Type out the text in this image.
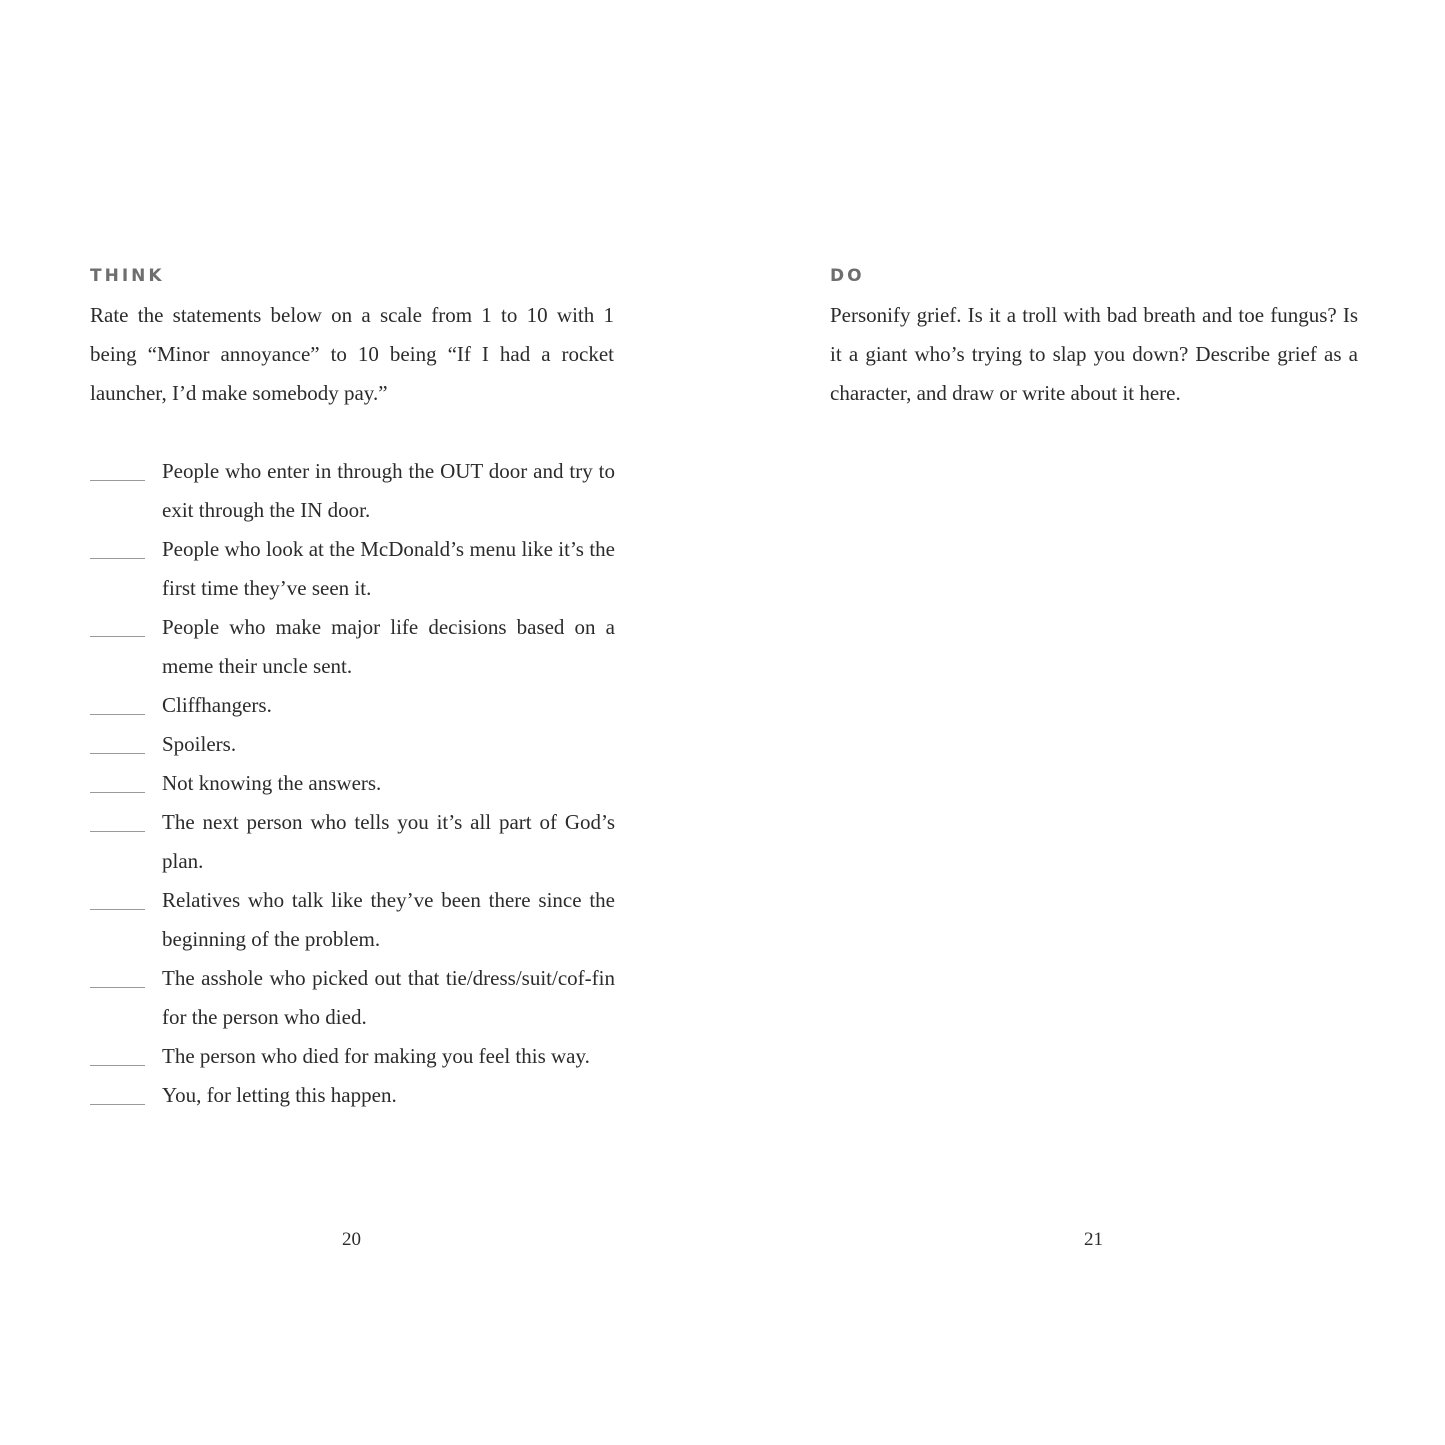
THINK

Rate the statements below on a scale from 1 to 10 with 1 being “Minor annoyance” to 10 being “If I had a rocket launcher, I’d make somebody pay.”

People who enter in through the OUT door and try to exit through the IN door.
People who look at the McDonald’s menu like it’s the first time they’ve seen it.
People who make major life decisions based on a meme their uncle sent.
Cliffhangers.
Spoilers.
Not knowing the answers.
The next person who tells you it’s all part of God’s plan.
Relatives who talk like they’ve been there since the beginning of the problem.
The asshole who picked out that tie/dress/suit/cof-fin for the person who died.
The person who died for making you feel this way.
You, for letting this happen.
20
DO

Personify grief. Is it a troll with bad breath and toe fungus? Is it a giant who’s trying to slap you down? Describe grief as a character, and draw or write about it here.

21
